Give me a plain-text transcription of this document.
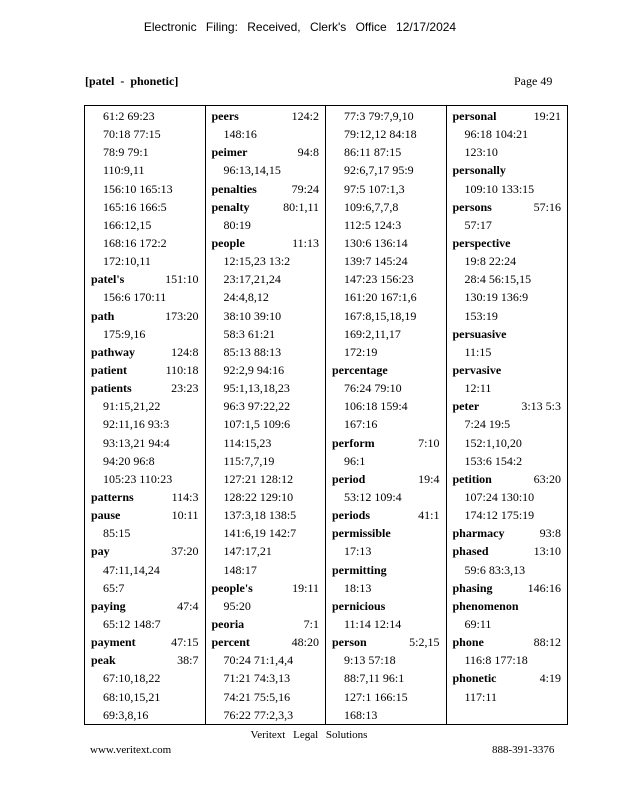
Electronic Filing: Received, Clerk's Office 12/17/2024
[patel - phonetic]	Page 49
61:2 69:23
70:18 77:15
78:9 79:1
110:9,11
156:10 165:13
165:16 166:5
166:12,15
168:16 172:2
172:10,11
patel's	151:10
156:6 170:11
path	173:20
175:9,16
pathway	124:8
patient	110:18
patients	23:23
91:15,21,22
92:11,16 93:3
93:13,21 94:4
94:20 96:8
105:23 110:23
patterns	114:3
pause	10:11
85:15
pay	37:20
47:11,14,24
65:7
paying	47:4
65:12 148:7
payment	47:15
peak	38:7
67:10,18,22
68:10,15,21
69:3,8,16
peers	124:2
148:16
peimer	94:8
96:13,14,15
penalties	79:24
penalty	80:1,11
80:19
people	11:13
12:15,23 13:2
23:17,21,24
24:4,8,12
38:10 39:10
58:3 61:21
85:13 88:13
92:2,9 94:16
95:1,13,18,23
96:3 97:22,22
107:1,5 109:6
114:15,23
115:7,7,19
127:21 128:12
128:22 129:10
137:3,18 138:5
141:6,19 142:7
147:17,21
148:17
people's	19:11
95:20
peoria	7:1
percent	48:20
70:24 71:1,4,4
71:21 74:3,13
74:21 75:5,16
76:22 77:2,3,3
77:3 79:7,9,10
79:12,12 84:18
86:11 87:15
92:6,7,17 95:9
97:5 107:1,3
109:6,7,7,8
112:5 124:3
130:6 136:14
139:7 145:24
147:23 156:23
161:20 167:1,6
167:8,15,18,19
169:2,11,17
172:19
percentage
76:24 79:10
106:18 159:4
167:16
perform	7:10
96:1
period	19:4
53:12 109:4
periods	41:1
permissible
17:13
permitting
18:13
pernicious
11:14 12:14
person	5:2,15
9:13 57:18
88:7,11 96:1
127:1 166:15
168:13
personal	19:21
96:18 104:21
123:10
personally
109:10 133:15
persons	57:16
57:17
perspective
19:8 22:24
28:4 56:15,15
130:19 136:9
153:19
persuasive
11:15
pervasive
12:11
peter	3:13 5:3
7:24 19:5
152:1,10,20
153:6 154:2
petition	63:20
107:24 130:10
174:12 175:19
pharmacy	93:8
phased	13:10
59:6 83:3,13
phasing	146:16
phenomenon
69:11
phone	88:12
116:8 177:18
phonetic	4:19
117:11
Veritext Legal Solutions
www.veritext.com	888-391-3376
